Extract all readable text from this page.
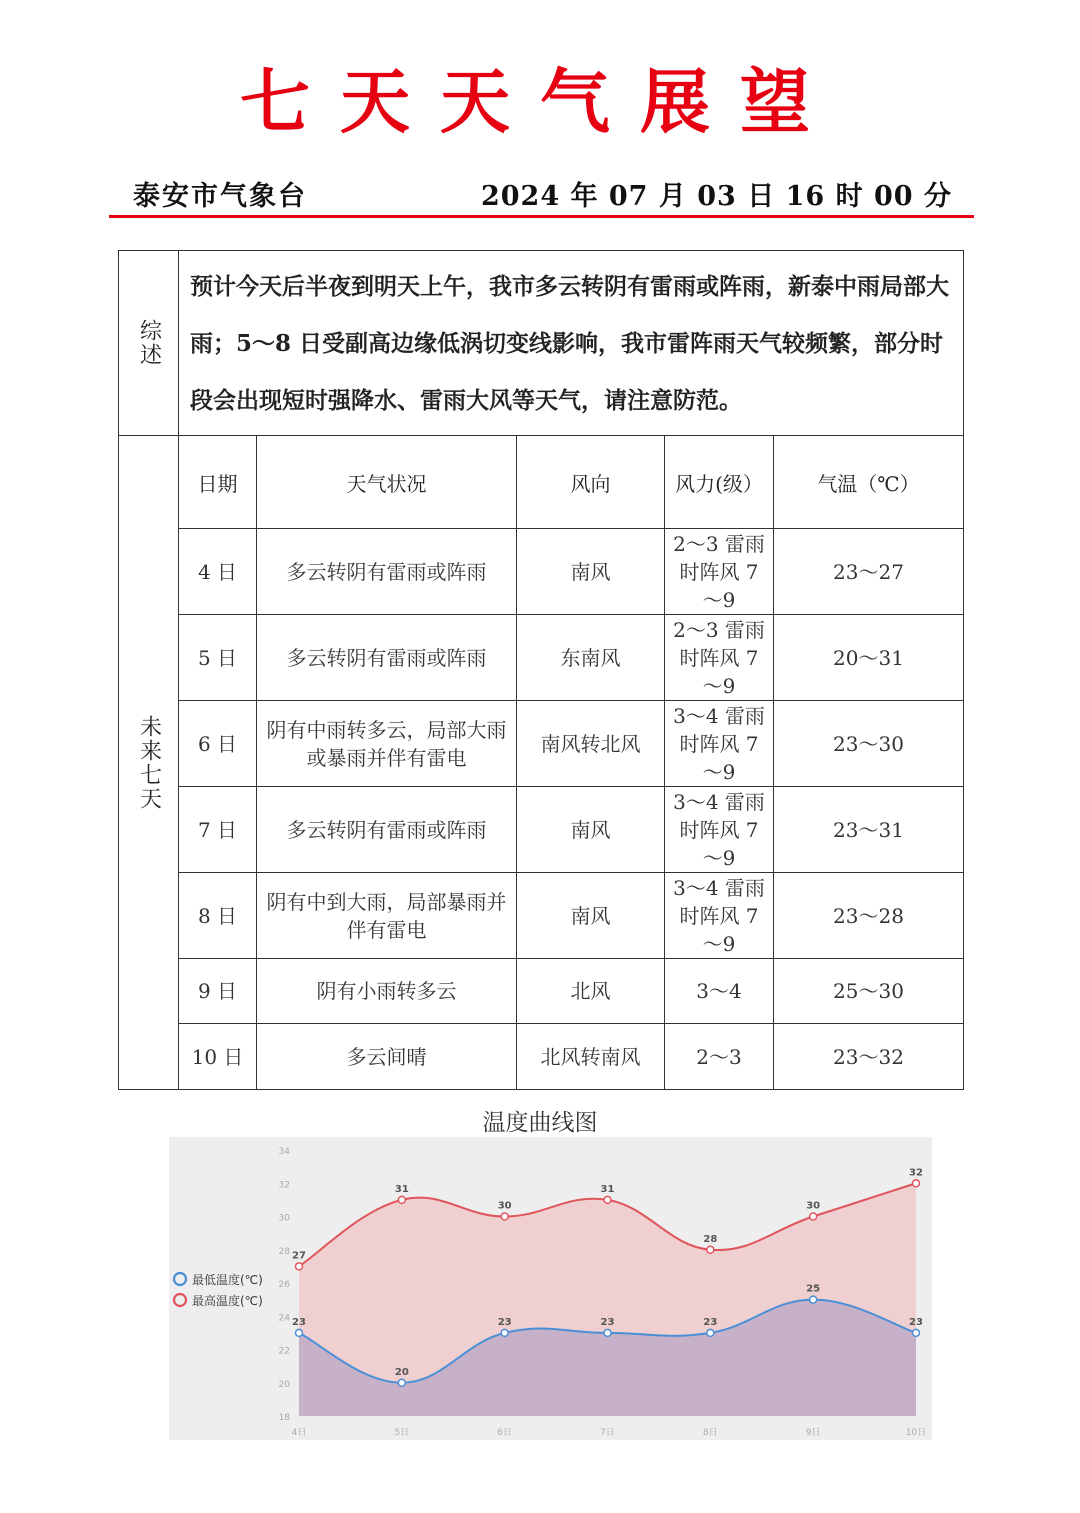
七天天气展望
泰安市气象台	2024 年 07 月 03 日 16 时 00 分
综述	预计今天后半夜到明天上午，我市多云转阴有雷雨或阵雨，新泰中雨局部大雨；5～8 日受副高边缘低涡切变线影响，我市雷阵雨天气较频繁，部分时段会出现短时强降水、雷雨大风等天气，请注意防范。				

未来七天	日期	天气状况	风向	风力(级）	气温（℃）
	4 日	多云转阴有雷雨或阵雨	南风	2～3 雷雨时阵风 7～9	23～27
	5 日	多云转阴有雷雨或阵雨	东南风	2～3 雷雨时阵风 7～9	20～31
	6 日	阴有中雨转多云，局部大雨或暴雨并伴有雷电	南风转北风	3～4 雷雨时阵风 7～9	23～30
	7 日	多云转阴有雷雨或阵雨	南风	3～4 雷雨时阵风 7～9	23～31
	8 日	阴有中到大雨，局部暴雨并伴有雷电	南风	3～4 雷雨时阵风 7～9	23～28
	9 日	阴有小雨转多云	北风	3～4	25～30
	10 日	多云间晴	北风转南风	2～3	23～32
温度曲线图
18
20
22
24
26
28
30
32
34
4日	5日	6日	7日	8日	9日	10日
27
31
30
31
28
30
32
23
20
23	23	23
25
23
最低温度(℃)
最高温度(℃)
